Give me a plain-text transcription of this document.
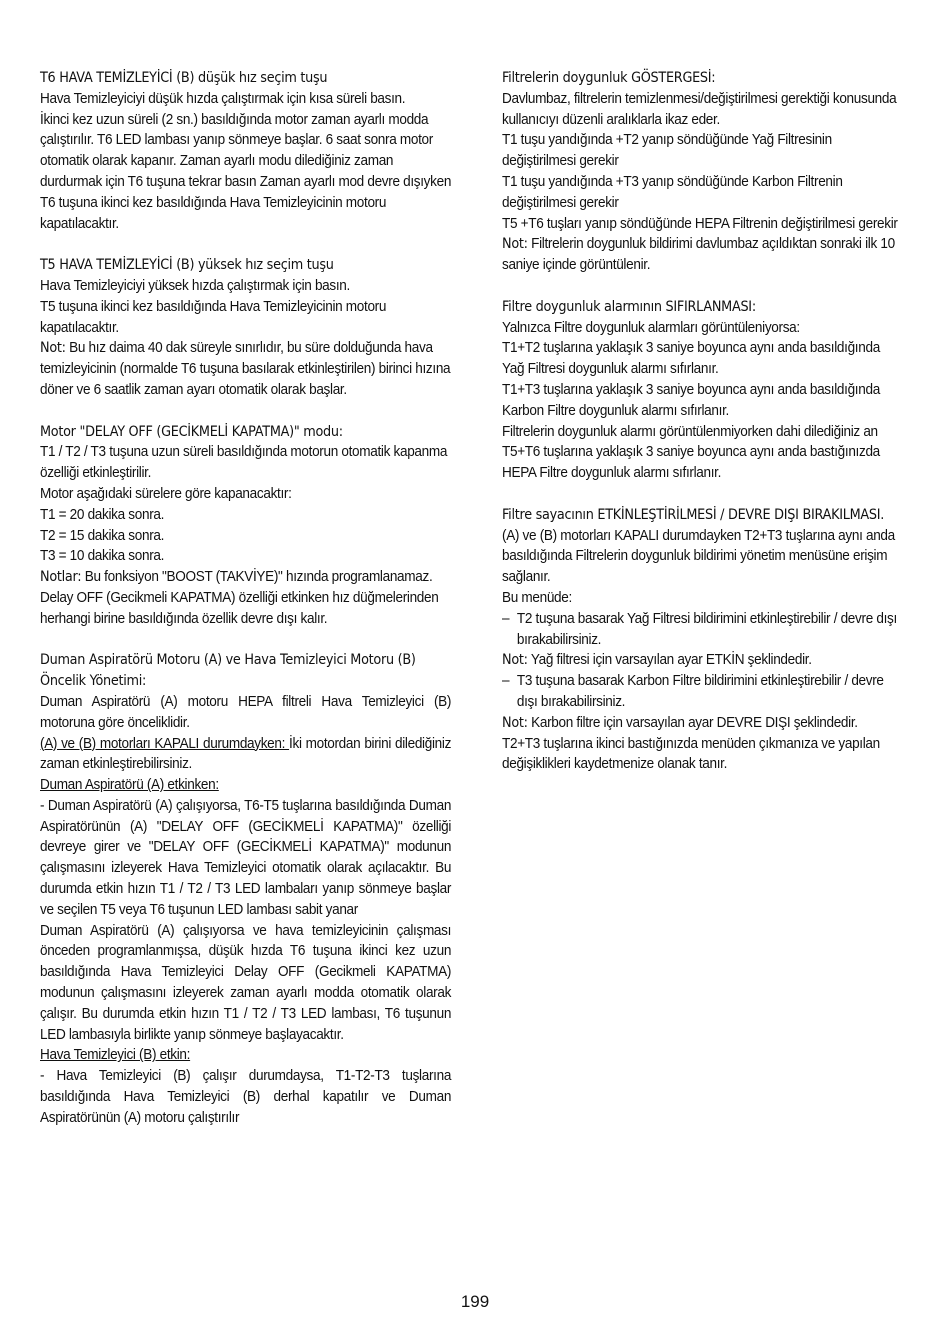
T6 HAVA TEMİZLEYİCİ (B) düşük hız seçim tuşu

Hava Temizleyiciyi düşük hızda çalıştırmak için kısa süreli basın.

İkinci kez uzun süreli (2 sn.) basıldığında motor zaman ayarlı modda çalıştırılır. T6 LED lambası yanıp sönmeye başlar. 6 saat sonra motor otomatik olarak kapanır. Zaman ayarlı modu dilediğiniz zaman durdurmak için T6 tuşuna tekrar basın Zaman ayarlı mod devre dışıyken T6 tuşuna ikinci kez basıldığında Hava Temizleyicinin motoru kapatılacaktır.

T5 HAVA TEMİZLEYİCİ (B) yüksek hız seçim tuşu

Hava Temizleyiciyi yüksek hızda çalıştırmak için basın.

T5 tuşuna ikinci kez basıldığında Hava Temizleyicinin motoru kapatılacaktır.

Not: Bu hız daima 40 dak süreyle sınırlıdır, bu süre dolduğunda hava temizleyicinin (normalde T6 tuşuna basılarak etkinleştirilen) birinci hızına döner ve 6 saatlik zaman ayarı otomatik olarak başlar.

Motor "DELAY OFF (GECİKMELİ KAPATMA)" modu:

T1 / T2 / T3 tuşuna uzun süreli basıldığında motorun otomatik kapanma özelliği etkinleştirilir.

Motor aşağıdaki sürelere göre kapanacaktır:

T1 = 20 dakika sonra.

T2 = 15 dakika sonra.

T3 = 10 dakika sonra.

Notlar: Bu fonksiyon "BOOST (TAKVİYE)" hızında programlanamaz. Delay OFF (Gecikmeli KAPATMA) özelliği etkinken hız düğmelerinden herhangi birine basıldığında özellik devre dışı kalır.

Duman Aspiratörü Motoru (A) ve Hava Temizleyici Motoru (B) Öncelik Yönetimi:

Duman Aspiratörü (A) motoru HEPA filtreli Hava Temizleyici (B) motoruna göre önceliklidir.

(A) ve (B) motorları KAPALI durumdayken: İki motordan birini dilediğiniz zaman etkinleştirebilirsiniz.

Duman Aspiratörü (A) etkinken:

- Duman Aspiratörü (A) çalışıyorsa, T6-T5 tuşlarına basıldığında Duman Aspiratörünün (A) "DELAY OFF (GECİKMELİ KAPATMA)" özelliği devreye girer ve "DELAY OFF (GECİKMELİ KAPATMA)" modunun çalışmasını izleyerek Hava Temizleyici otomatik olarak açılacaktır. Bu durumda etkin hızın T1 / T2 / T3 LED lambaları yanıp sönmeye başlar ve seçilen T5 veya T6 tuşunun LED lambası sabit yanar

Duman Aspiratörü (A) çalışıyorsa ve hava temizleyicinin çalışması önceden programlanmışsa, düşük hızda T6 tuşuna ikinci kez uzun basıldığında Hava Temizleyici Delay OFF (Gecikmeli KAPATMA) modunun çalışmasını izleyerek zaman ayarlı modda otomatik olarak çalışır. Bu durumda etkin hızın T1 / T2 / T3 LED lambası, T6 tuşunun LED lambasıyla birlikte yanıp sönmeye başlayacaktır.

Hava Temizleyici (B) etkin:

- Hava Temizleyici (B) çalışır durumdaysa, T1-T2-T3 tuşlarına basıldığında Hava Temizleyici (B) derhal kapatılır ve Duman Aspiratörünün (A) motoru çalıştırılır

Filtrelerin doygunluk GÖSTERGESİ:

Davlumbaz, filtrelerin temizlenmesi/değiştirilmesi gerektiği konusunda kullanıcıyı düzenli aralıklarla ikaz eder.

T1 tuşu yandığında +T2 yanıp söndüğünde Yağ Filtresinin değiştirilmesi gerekir

T1 tuşu yandığında +T3 yanıp söndüğünde Karbon Filtrenin değiştirilmesi gerekir

T5 +T6 tuşları yanıp söndüğünde HEPA Filtrenin değiştirilmesi gerekir

Not: Filtrelerin doygunluk bildirimi davlumbaz açıldıktan sonraki ilk 10 saniye içinde görüntülenir.

Filtre doygunluk alarmının SIFIRLANMASI:

Yalnızca Filtre doygunluk alarmları görüntüleniyorsa:

T1+T2 tuşlarına yaklaşık 3 saniye boyunca aynı anda basıldığında Yağ Filtresi doygunluk alarmı sıfırlanır.

T1+T3 tuşlarına yaklaşık 3 saniye boyunca aynı anda basıldığında Karbon Filtre doygunluk alarmı sıfırlanır.

Filtrelerin doygunluk alarmı görüntülenmiyorken dahi dilediğiniz an T5+T6 tuşlarına yaklaşık 3 saniye boyunca aynı anda bastığınızda HEPA Filtre doygunluk alarmı sıfırlanır.

Filtre sayacının ETKİNLEŞTİRİLMESİ / DEVRE DIŞI BIRAKILMASI.

(A) ve (B) motorları KAPALI durumdayken T2+T3 tuşlarına aynı anda basıldığında Filtrelerin doygunluk bildirimi yönetim menüsüne erişim sağlanır.

Bu menüde:

– T2 tuşuna basarak Yağ Filtresi bildirimini etkinleştirebilir / devre dışı bırakabilirsiniz.

Not: Yağ filtresi için varsayılan ayar ETKİN şeklindedir.

– T3 tuşuna basarak Karbon Filtre bildirimini etkinleştirebilir / devre dışı bırakabilirsiniz.

Not: Karbon filtre için varsayılan ayar DEVRE DIŞI şeklindedir.

T2+T3 tuşlarına ikinci bastığınızda menüden çıkmanıza ve yapılan değişiklikleri kaydetmenize olanak tanır.

199
